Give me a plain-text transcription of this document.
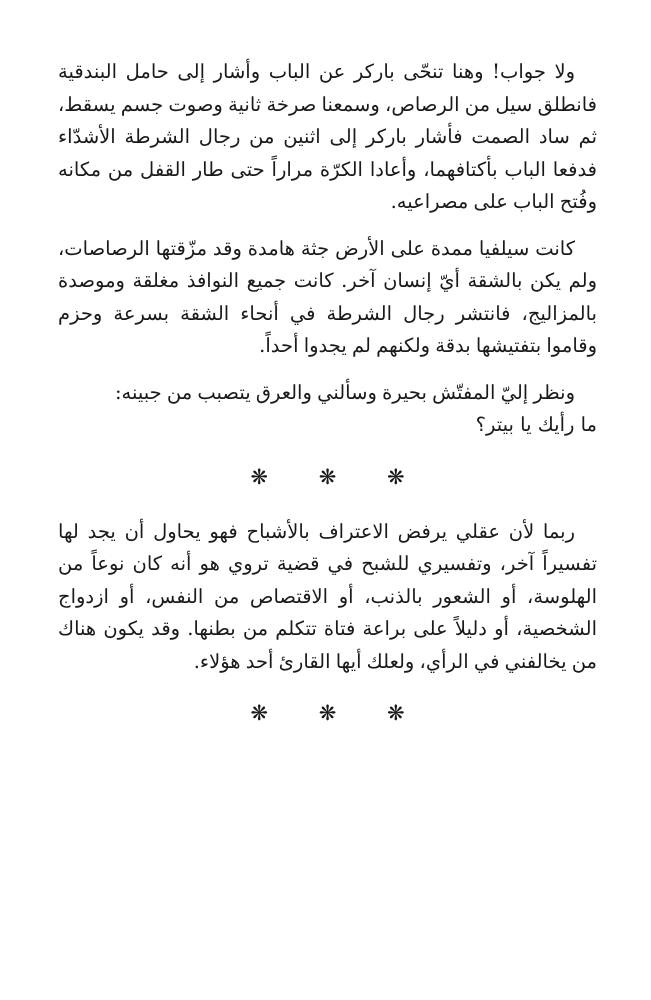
ولا جواب! وهنا تنحّى باركر عن الباب وأشار إلى حامل البندقية فانطلق سيل من الرصاص، وسمعنا صرخة ثانية وصوت جسم يسقط، ثم ساد الصمت فأشار باركر إلى اثنين من رجال الشرطة الأشدّاء فدفعا الباب بأكتافهما، وأعادا الكرّة مراراً حتى طار القفل من مكانه وفُتح الباب على مصراعيه.

كانت سيلفيا ممدة على الأرض جثة هامدة وقد مزّقتها الرصاصات، ولم يكن بالشقة أيّ إنسان آخر. كانت جميع النوافذ مغلقة وموصدة بالمزاليج، فانتشر رجال الشرطة في أنحاء الشقة بسرعة وحزم وقاموا بتفتيشها بدقة ولكنهم لم يجدوا أحداً.

ونظر إليّ المفتّش بحيرة وسألني والعرق يتصبب من جبينه:

ما رأيك يا بيتر؟

❋ ❋ ❋

ربما لأن عقلي يرفض الاعتراف بالأشباح فهو يحاول أن يجد لها تفسيراً آخر، وتفسيري للشبح في قضية تروي هو أنه كان نوعاً من الهلوسة، أو الشعور بالذنب، أو الاقتصاص من النفس، أو ازدواج الشخصية، أو دليلاً على براعة فتاة تتكلم من بطنها. وقد يكون هناك من يخالفني في الرأي، ولعلك أيها القارئ أحد هؤلاء.

❋ ❋ ❋
